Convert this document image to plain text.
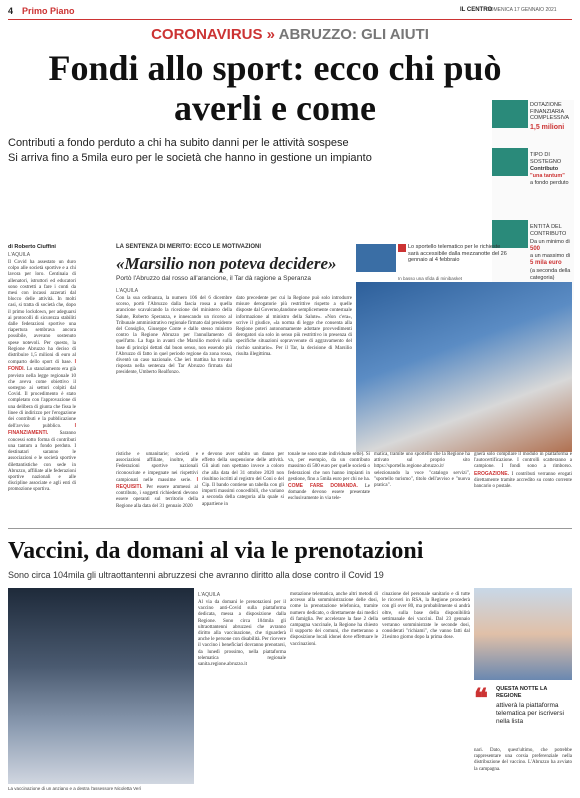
4 Primo Piano	IL CENTRO
DOMENICA 17 GENNAIO 2021
CORONAVIRUS » ABRUZZO: GLI AIUTI
Fondi allo sport: ecco chi può averli e come
Contributi a fondo perduto a chi ha subito danni per le attività sospese
Si arriva fino a 5mila euro per le società che hanno in gestione un impianto
DOTAZIONE FINANZIARIA COMPLESSIVA
1,5 milioni
TIPO DI SOSTEGNO
Contributo
"una tantum"
a fondo perduto
ENTITÀ DEL CONTRIBUTO
Da un minimo di
500
a un massimo di
5 mila euro
(a seconda della categoria)
di Roberto Ciuffini
L'AQUILA
Il Covid ha assestato un duro colpo alle società sportive e a chi lavora per loro. Centinaia di allenatori, istruttori ed educatori sono costretti a fare i conti da mesi con incassi azzerati dal blocco delle attività. In molti casi, si tratta di società che, dopo il primo lockdown, per adeguarsi ai protocolli di sicurezza stabiliti dalle federazioni sportive una riapertura sembrava ancora possibile, avevano sostenuto spese notevoli. Per questo, la Regione Abruzzo ha deciso di distribuire 1,5 milioni di euro al comparto dello sport di base. I FONDI. Lo stanziamento era già previsto nella legge regionale 10 che aveva come obiettivo il sostegno ai settori colpiti dal Covid. Il procedimento è stato completato con l'approvazione di una delibera di giunta che fissa le linee di indirizzo per l'erogazione dei contributi e la pubblicazione dell'avviso pubblico.	I FINANZIAMENTI. Saranno concessi sotto forma di contributi una tantum a fondo perduto. I destinatari saranno le associazioni e le società sportive dilettantistiche con sede in Abruzzo, affiliate alle federazioni sportive nazionali e alle discipline associate e agli enti di promozione sportiva.
LA SENTENZA DI MERITO: ECCO LE MOTIVAZIONI
«Marsilio non poteva decidere»
Portò l'Abruzzo dal rosso all'arancione, il Tar dà ragione a Speranza
L'AQUILA
Con la sua ordinanza, la numero 106 del 6 dicembre scorso, portò l'Abruzzo dalla fascia rossa a quella arancione scavalcando la ricezione del ministero della Salute, Roberto Speranza, e innescando un ricorso al Tribunale amministrativo regionale firmato dal presidente del Consiglio, Giuseppe Conte e dallo stesso ministro contro la Regione Abruzzo per l'annullamento di quell'atto. La fuga in avanti che Marsilio motivò sulla base di principi dettati dal buon senso, non essendo più l'Abruzzo di fatto in quel periodo regione da zona rossa, diventò un caso nazionale. Che ieri mattina ha trovato risposta nella sentenza del Tar Abruzzo firmata dal presidente, Umberto Realfonzo.
dato precedente per cui la Regione può solo introdurre misure derogatorie più restrittive rispetto a quelle disposte dal Governo,dandone semplicemente contestuale informazione al ministro della Salute». «Non c'era», scrive il giudice, «la norma di legge che consenta alla Regione poteri autonomamente adottare provvedimenti derogatori sia solo in senso più restrittivo in presenza di specifiche situazioni sopravvenute di aggravamento del rischio sanitario». Per il Tar, la decisione di Marsilio risulta illegittima.
Lo sportello telematico per le richieste sarà accessibile dalla mezzanotte del 26 gennaio al 4 febbraio
In basso una sfida di minibasket
ristiche e umanitarie; società e associazioni affiliate, inoltre, alle Federazioni sportive nazionali riconosciute e impegnate nei rispettivi campionati nelle massime serie. I REQUISITI. Per essere ammessi al contributo, i soggetti richiedenti devono essere operanti sul territorio della Regione alla data del 31 gennaio 2020
e devono aver subito un danno per effetto della sospensione delle attività. Gli aiuti non spettano invece a coloro che alla data del 31 ottobre 2020 non risultino iscritti al registro del Coni o del Cip. Il bando contiene un tabella con gli importi massimi concedibili, che variano a seconda della categoria alla quale si appartiene in
tonale ne sono state individuate sette). Si va, per esempio, da un contributo massimo di 500 euro per quelle società o federazioni che non hanno impianti in gestione, fino a 5mila euro per chi ne ha. COME FARE DOMANDA. Le domande devono essere presentate esclusivamente in via tele-
matica, tramite uno sportello che la Regione ha attivato sul proprio sito https://sportello.regione.abruzzo.it/ selezionando la voce "catalogo servizi", "sportello turismo", titolo dell'avviso e "nuova pratica".
gnerà solo compilare il modulo in piattaforma e l'autocertificazione. I controlli scatteranno a campione. I fondi sono a rimborso. EROGAZIONE. I contributi verranno erogati direttamente tramite accredito su conto corrente bancario o postale.
Vaccini, da domani al via le prenotazioni
Sono circa 104mila gli ultraottantenni abruzzesi che avranno diritto alla dose contro il Covid 19
La vaccinazione di un anziano e a destra l'assessore Nicoletta Verì
L'AQUILA
Al via da domani le prenotazioni per il vaccino anti-Covid sulla piattaforma dedicata, messa a disposizione dalla Regione. Sono circa 104mila gli ultraottantenni abruzzesi che avranno diritto alla vaccinazione, che riguarderà anche le persone con disabilità. Per ricevere il vaccino i beneficiari dovranno prenotarsi, da lunedì prossimo, nella piattaforma telematica regionale sanita.regione.abruzzo.it
motazione telematica, anche altri metodi di accesso alla somministrazione delle dosi, come la prenotazione telefonica, tramite numero dedicato, o direttamente dai medici di famiglia. Per accelerare la fase 2 della campagna vaccinale, la Regione ha chiesto il supporto dei comuni, che metteranno a disposizione locali idonei dove effettuare le vaccinazioni.
cinazione del personale sanitario e di tutte le ricoveri in RSA, la Regione procederà con gli over 80, ma probabilmente si andrà oltre, sulla base della disponibilità settimanale dei vaccini. Dal 23 gennaio verranno somministrate le seconde dosi, considerati "richiami", che vanno fatti dal 21esimo giorno dopo la prima dose.
❝ QUESTA NOTTE LA REGIONE
attiverà la piattaforma telematica per iscriversi nella lista
nari. Dato, quest'ultimo, che potrebbe rappresentare una corsia preferenziale nella distribuzione del vaccino. L'Abruzzo ha avviato la campagna.
